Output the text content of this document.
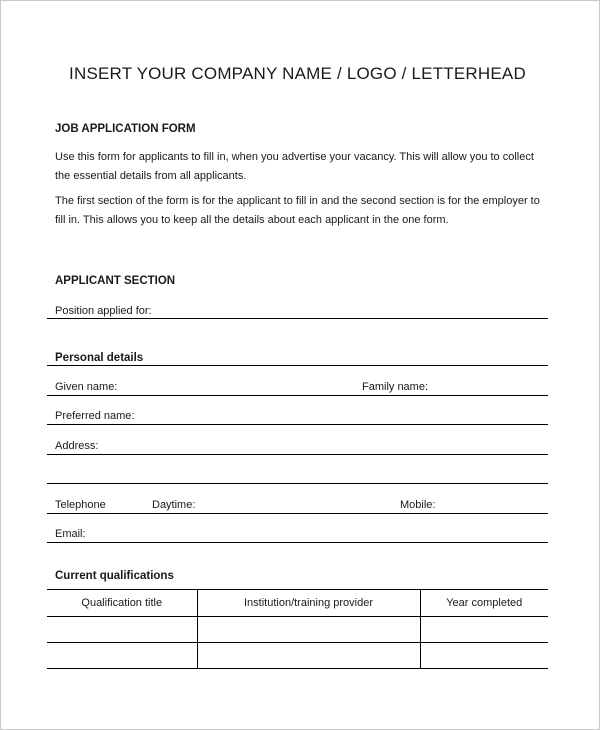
INSERT YOUR COMPANY NAME / LOGO / LETTERHEAD
JOB APPLICATION FORM
Use this form for applicants to fill in, when you advertise your vacancy. This will allow you to collect
the essential details from all applicants.
The first section of the form is for the applicant to fill in and the second section is for the employer to
fill in. This allows you to keep all the details about each applicant in the one form.
APPLICANT SECTION
Position applied for:
Personal details
Given name:	Family name:
Preferred name:
Address:
Telephone	Daytime:	Mobile:
Email:
Current qualifications
Qualification title	Institution/training provider	Year completed
